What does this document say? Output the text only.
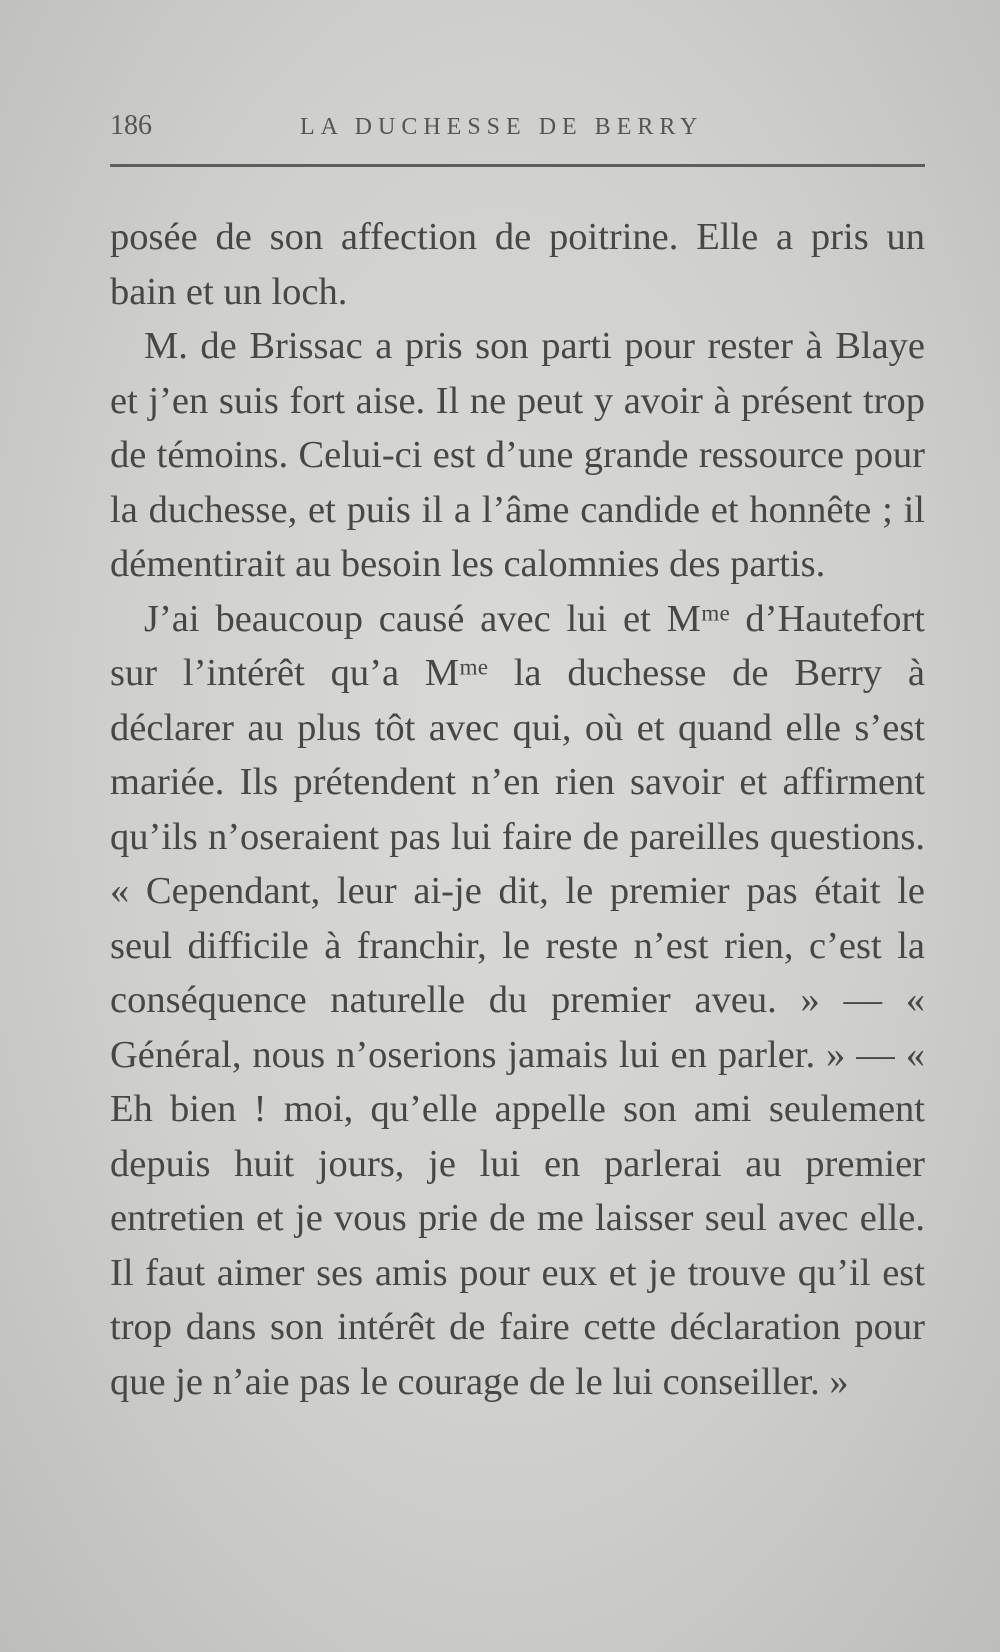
186	LA DUCHESSE DE BERRY

posée de son affection de poitrine. Elle a pris un bain et un loch.

M. de Brissac a pris son parti pour rester à Blaye et j’en suis fort aise. Il ne peut y avoir à présent trop de témoins. Celui-ci est d’une grande ressource pour la duchesse, et puis il a l’âme candide et honnête ; il démentirait au besoin les calomnies des partis.

J’ai beaucoup causé avec lui et Mᵐᵉ d’Hautefort sur l’intérêt qu’a Mᵐᵉ la duchesse de Berry à déclarer au plus tôt avec qui, où et quand elle s’est mariée. Ils prétendent n’en rien savoir et affirment qu’ils n’oseraient pas lui faire de pareilles questions. « Cependant, leur ai-je dit, le premier pas était le seul difficile à franchir, le reste n’est rien, c’est la conséquence naturelle du premier aveu. » — « Général, nous n’oserions jamais lui en parler. » — « Eh bien ! moi, qu’elle appelle son ami seulement depuis huit jours, je lui en parlerai au premier entretien et je vous prie de me laisser seul avec elle. Il faut aimer ses amis pour eux et je trouve qu’il est trop dans son intérêt de faire cette déclaration pour que je n’aie pas le courage de le lui conseiller. »
